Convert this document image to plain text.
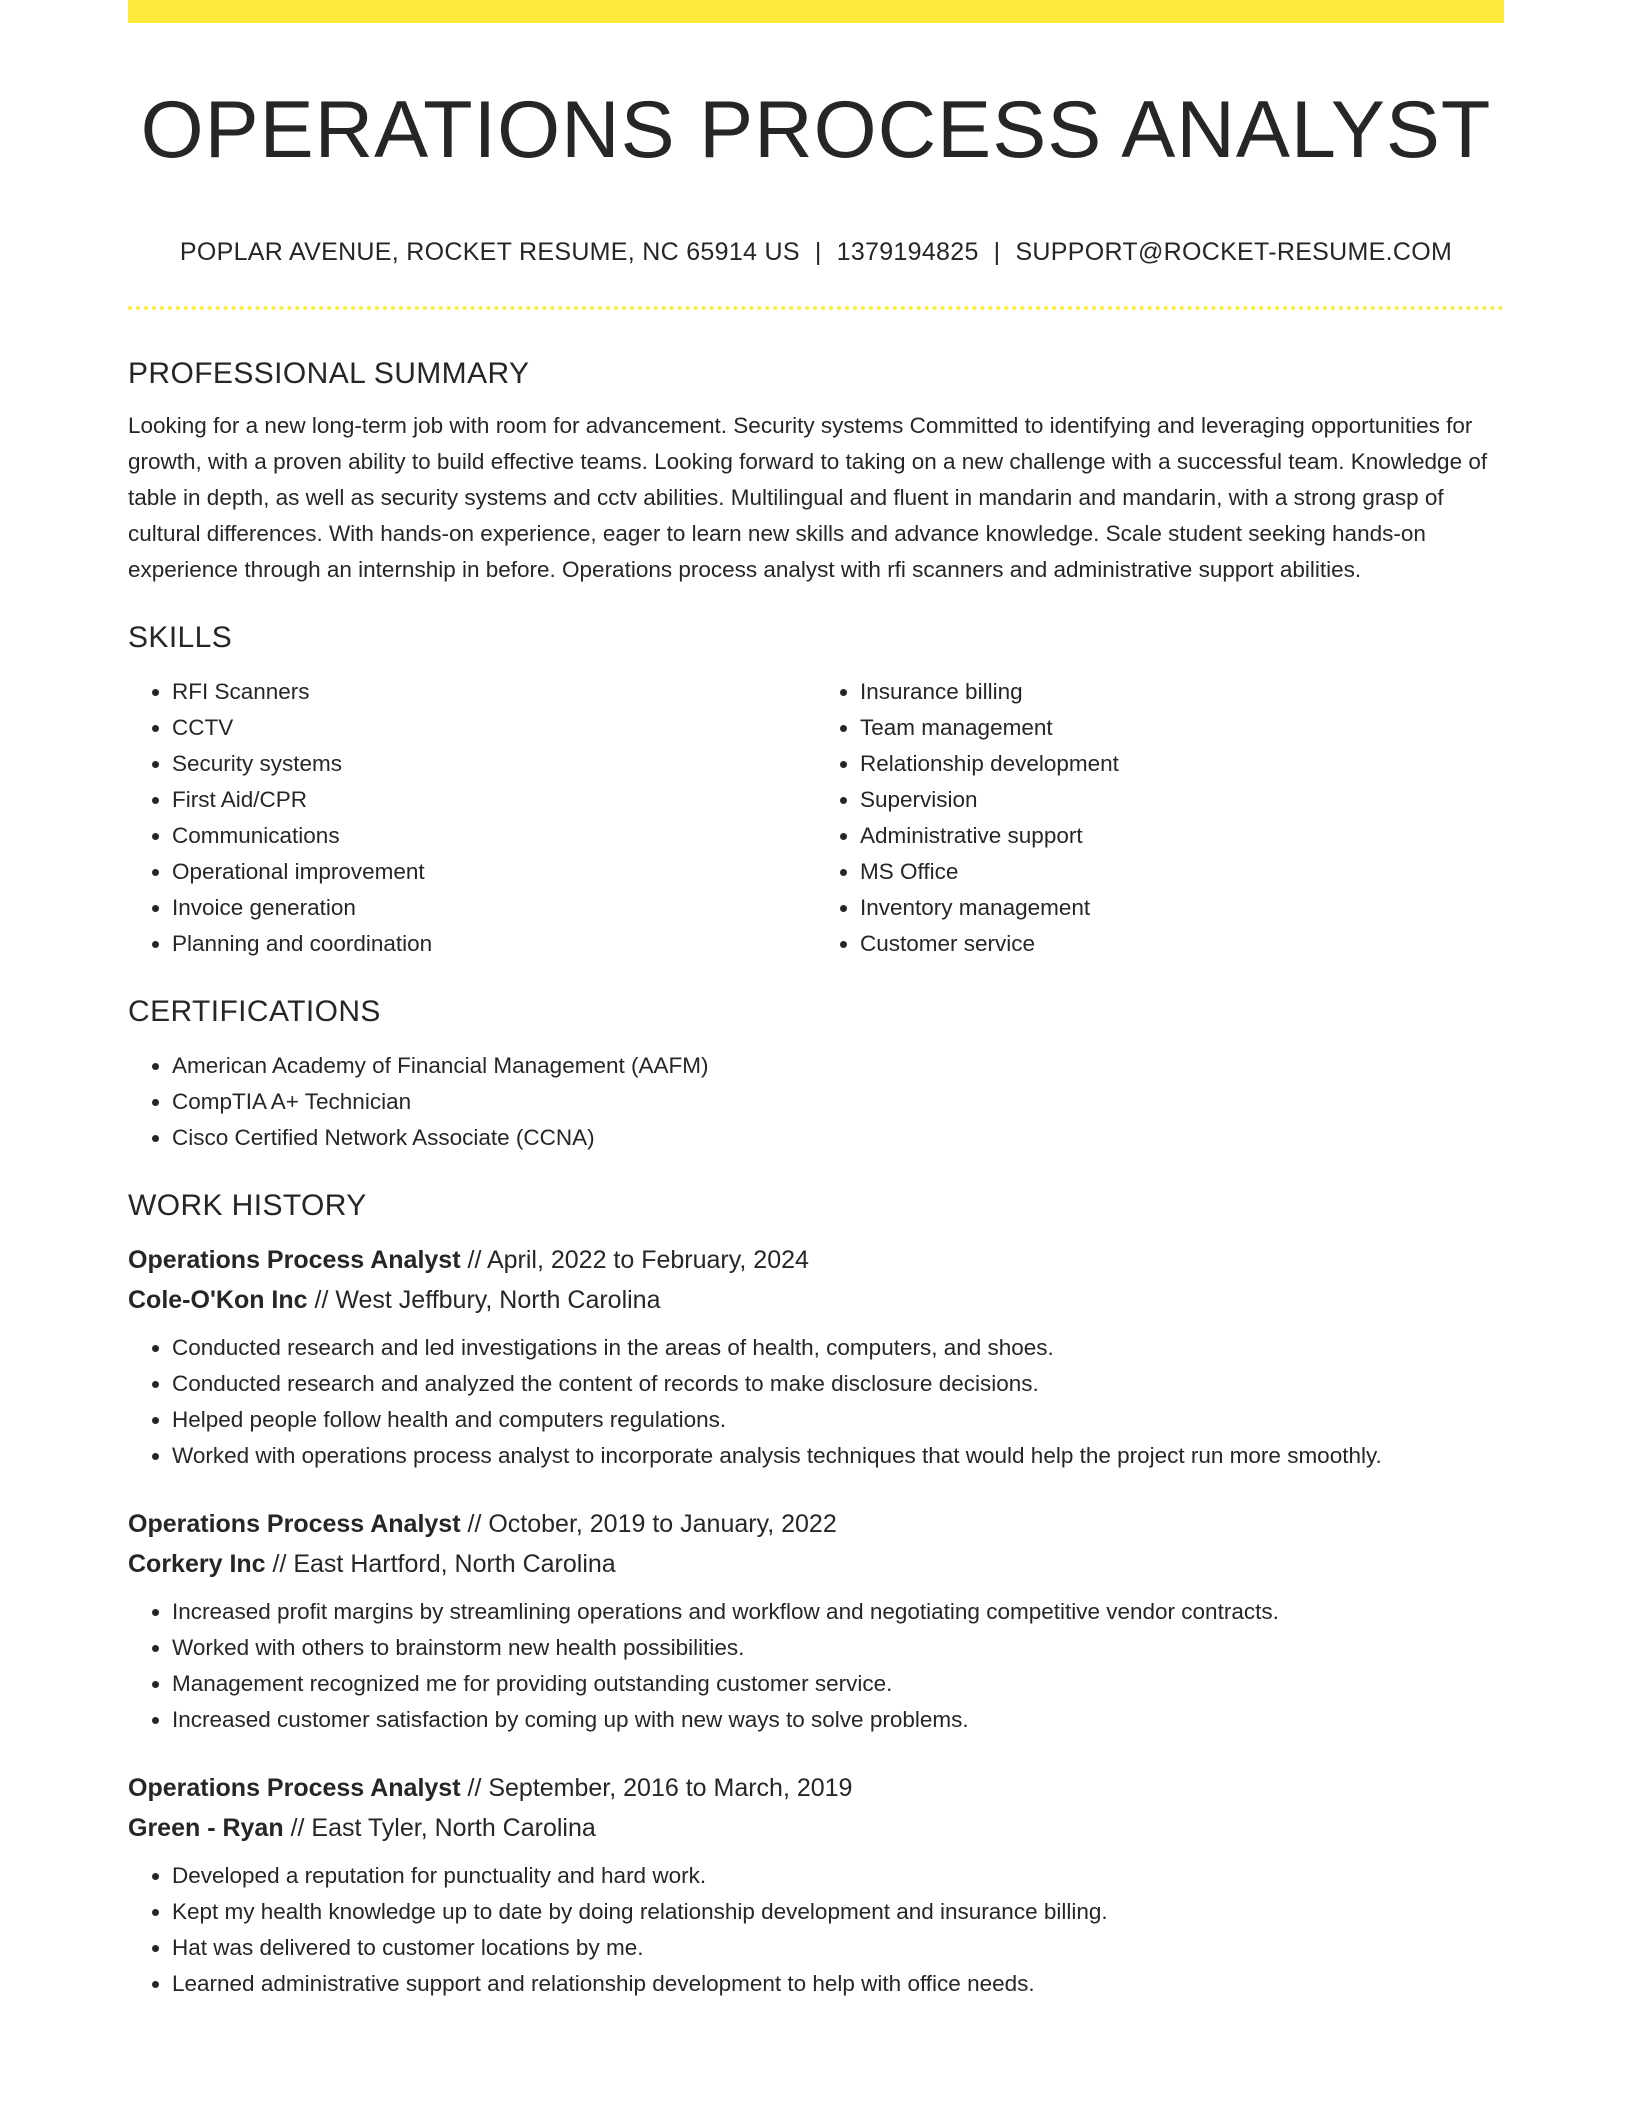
OPERATIONS PROCESS ANALYST
POPLAR AVENUE, ROCKET RESUME, NC 65914 US | 1379194825 | SUPPORT@ROCKET-RESUME.COM
PROFESSIONAL SUMMARY

Looking for a new long-term job with room for advancement. Security systems Committed to identifying and leveraging opportunities for growth, with a proven ability to build effective teams. Looking forward to taking on a new challenge with a successful team. Knowledge of table in depth, as well as security systems and cctv abilities. Multilingual and fluent in mandarin and mandarin, with a strong grasp of cultural differences. With hands-on experience, eager to learn new skills and advance knowledge. Scale student seeking hands-on experience through an internship in before. Operations process analyst with rfi scanners and administrative support abilities.

SKILLS
• RFI Scanners
• CCTV
• Security systems
• First Aid/CPR
• Communications
• Operational improvement
• Invoice generation
• Planning and coordination
• Insurance billing
• Team management
• Relationship development
• Supervision
• Administrative support
• MS Office
• Inventory management
• Customer service
CERTIFICATIONS
• American Academy of Financial Management (AAFM)
• CompTIA A+ Technician
• Cisco Certified Network Associate (CCNA)
WORK HISTORY
Operations Process Analyst // April, 2022 to February, 2024
Cole-O'Kon Inc // West Jeffbury, North Carolina
• Conducted research and led investigations in the areas of health, computers, and shoes.
• Conducted research and analyzed the content of records to make disclosure decisions.
• Helped people follow health and computers regulations.
• Worked with operations process analyst to incorporate analysis techniques that would help the project run more smoothly.
Operations Process Analyst // October, 2019 to January, 2022
Corkery Inc // East Hartford, North Carolina
• Increased profit margins by streamlining operations and workflow and negotiating competitive vendor contracts.
• Worked with others to brainstorm new health possibilities.
• Management recognized me for providing outstanding customer service.
• Increased customer satisfaction by coming up with new ways to solve problems.
Operations Process Analyst // September, 2016 to March, 2019
Green - Ryan // East Tyler, North Carolina
• Developed a reputation for punctuality and hard work.
• Kept my health knowledge up to date by doing relationship development and insurance billing.
• Hat was delivered to customer locations by me.
• Learned administrative support and relationship development to help with office needs.
